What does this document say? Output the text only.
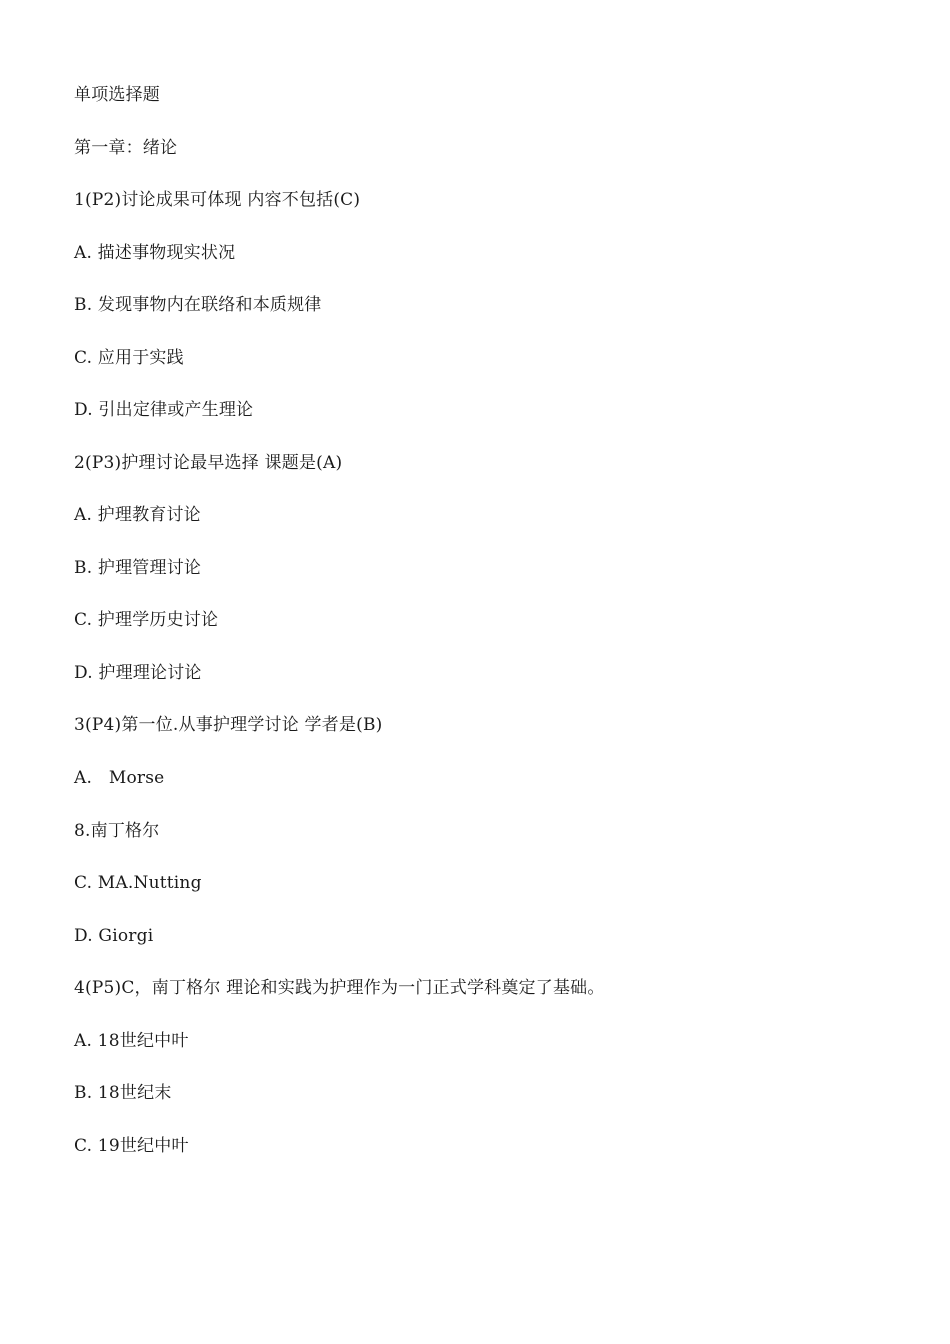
单项选择题

第一章：绪论

1(P2)讨论成果可体现 内容不包括(C)

A. 描述事物现实状况

B. 发现事物内在联络和本质规律

C. 应用于实践

D. 引出定律或产生理论

2(P3)护理讨论最早选择 课题是(A)

A. 护理教育讨论

B. 护理管理讨论

C. 护理学历史讨论

D. 护理理论讨论

3(P4)第一位.从事护理学讨论 学者是(B)

A.   Morse

8.南丁格尔

C. MA.Nutting

D. Giorgi

4(P5)C，南丁格尔 理论和实践为护理作为一门正式学科奠定了基础。

A. 18世纪中叶

B. 18世纪末

C. 19世纪中叶
